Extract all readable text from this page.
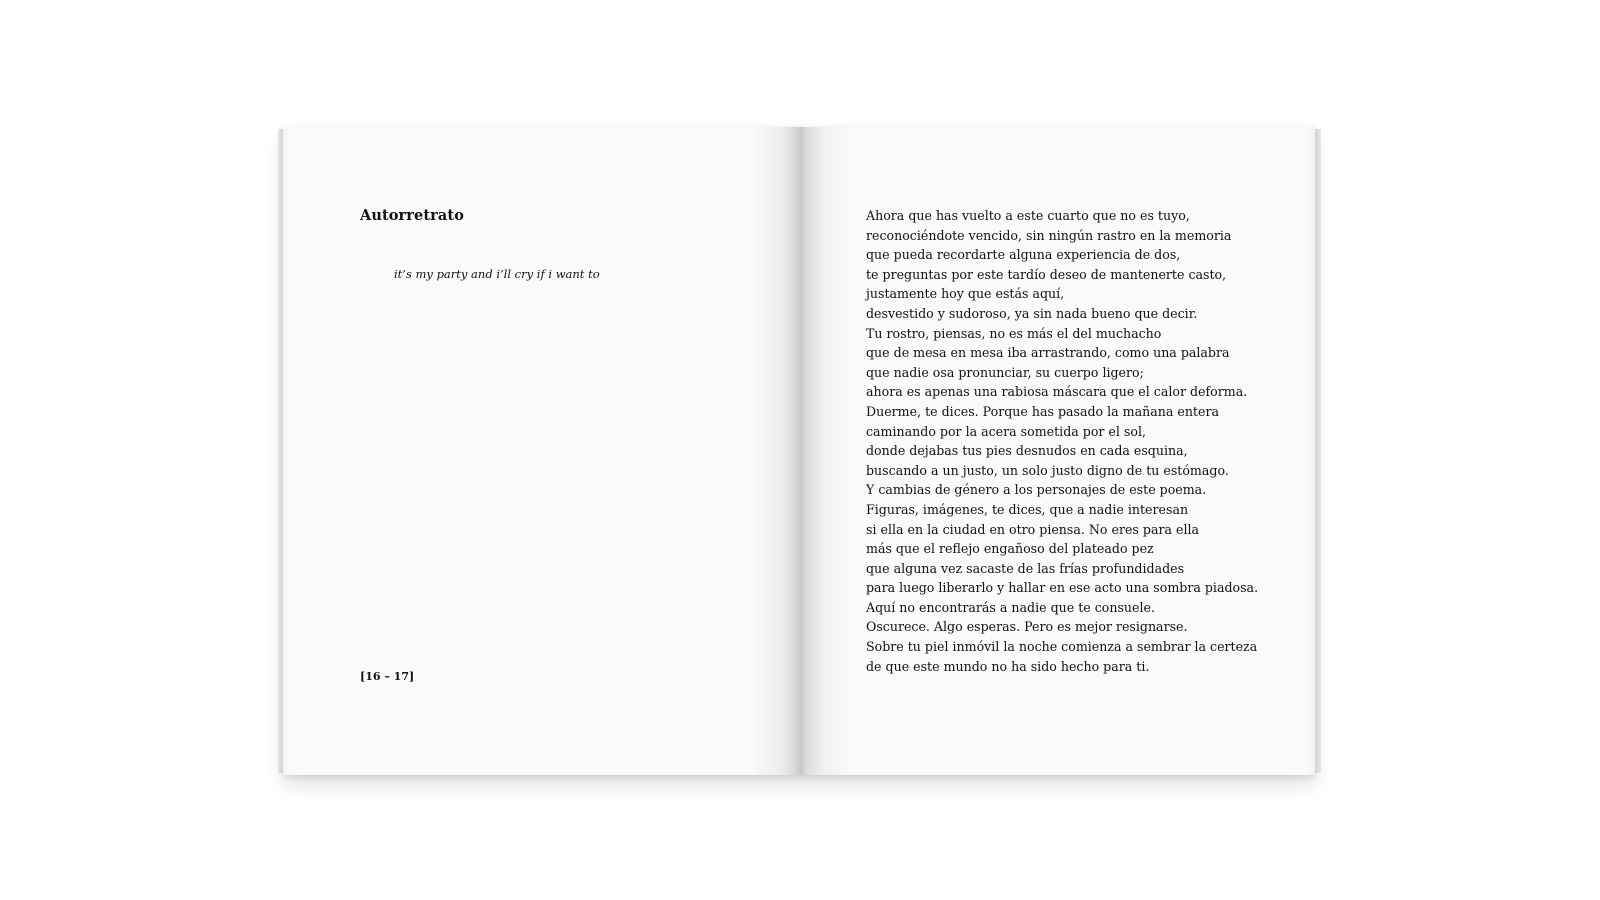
Autorretrato
it’s my party and i’ll cry if i want to
[16 – 17]
Ahora que has vuelto a este cuarto que no es tuyo,
reconociéndote vencido, sin ningún rastro en la memoria
que pueda recordarte alguna experiencia de dos,
te preguntas por este tardío deseo de mantenerte casto,
justamente hoy que estás aquí,
desvestido y sudoroso, ya sin nada bueno que decir.
Tu rostro, piensas, no es más el del muchacho
que de mesa en mesa iba arrastrando, como una palabra
que nadie osa pronunciar, su cuerpo ligero;
ahora es apenas una rabiosa máscara que el calor deforma.
Duerme, te dices. Porque has pasado la mañana entera
caminando por la acera sometida por el sol,
donde dejabas tus pies desnudos en cada esquina,
buscando a un justo, un solo justo digno de tu estómago.
Y cambias de género a los personajes de este poema.
Figuras, imágenes, te dices, que a nadie interesan
si ella en la ciudad en otro piensa. No eres para ella
más que el reflejo engañoso del plateado pez
que alguna vez sacaste de las frías profundidades
para luego liberarlo y hallar en ese acto una sombra piadosa.
Aquí no encontrarás a nadie que te consuele.
Oscurece. Algo esperas. Pero es mejor resignarse.
Sobre tu piel inmóvil la noche comienza a sembrar la certeza
de que este mundo no ha sido hecho para ti.
